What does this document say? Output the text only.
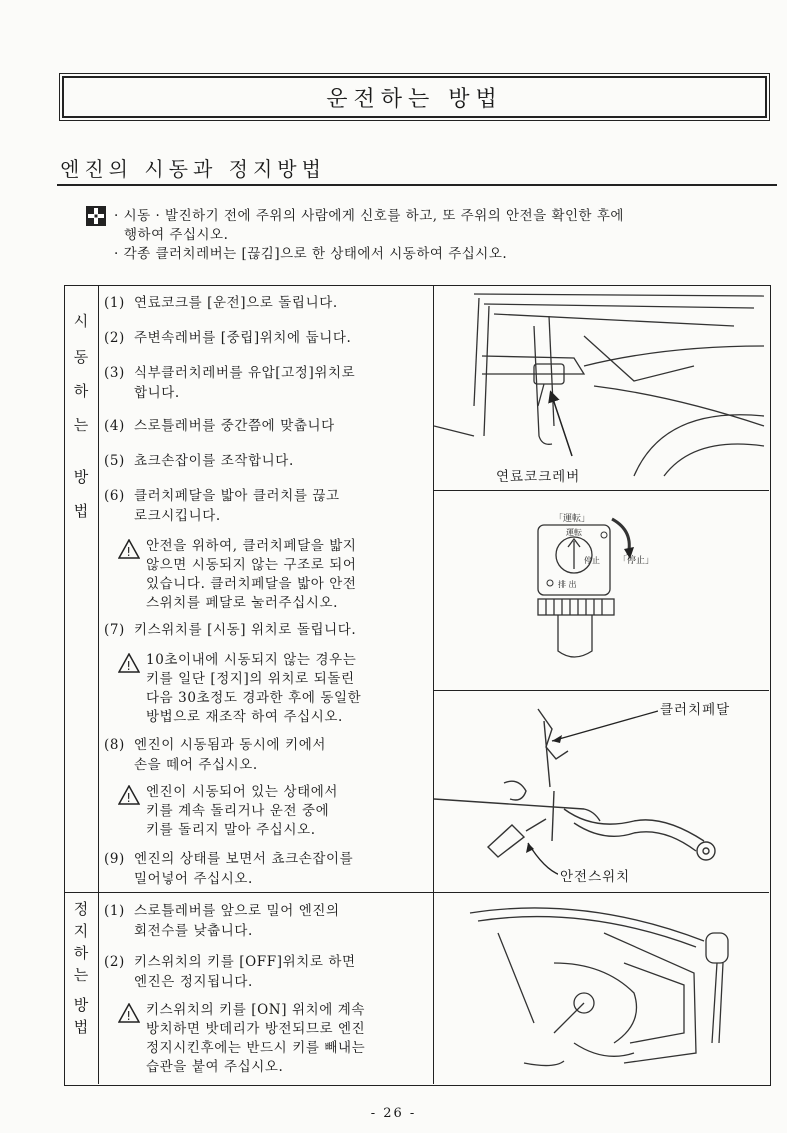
운전하는 방법
엔진의 시동과 정지방법
· 시동 · 발진하기 전에 주위의 사람에게 신호를 하고, 또 주위의 안전을 확인한 후에
행하여 주십시오.
· 각종 클러치레버는 [끊김]으로 한 상태에서 시동하여 주십시오.
시
동
하
는
방
법
정
지
하
는
방
법
(1) 연료코크를 [운전]으로 돌립니다.
(2) 주변속레버를 [중립]위치에 둡니다.
(3) 식부클러치레버를 유압[고정]위치로
합니다.
(4) 스로틀레버를 중간쯤에 맞춥니다
(5) 쵸크손잡이를 조작합니다.
(6) 클러치페달을 밟아 클러치를 끊고
로크시킵니다.
!	안전을 위하여, 클러치페달을 밟지
않으면 시동되지 않는 구조로 되어
있습니다. 클러치페달을 밟아 안전
스위치를 페달로 눌러주십시오.
(7) 키스위치를 [시동] 위치로 돌립니다.
!	10초이내에 시동되지 않는 경우는
키를 일단 [정지]의 위치로 되돌린
다음 30초정도 경과한 후에 동일한
방법으로 재조작 하여 주십시오.
(8) 엔진이 시동됨과 동시에 키에서
손을 떼어 주십시오.
!	엔진이 시동되어 있는 상태에서
키를 계속 돌리거나 운전 중에
키를 돌리지 말아 주십시오.
(9) 엔진의 상태를 보면서 쵸크손잡이를
밀어넣어 주십시오.
(1) 스로틀레버를 앞으로 밀어 엔진의
회전수를 낮춥니다.
(2) 키스위치의 키를 [OFF]위치로 하면
엔진은 정지됩니다.
!	키스위치의 키를 [ON] 위치에 계속
방치하면 밧데리가 방전되므로 엔진
정지시킨후에는 반드시 키를 빼내는
습관을 붙여 주십시오.
연료코크레버
「運転」
運転
停止 「停止」
排 出
클러치페달
안전스위치
- 26 -
